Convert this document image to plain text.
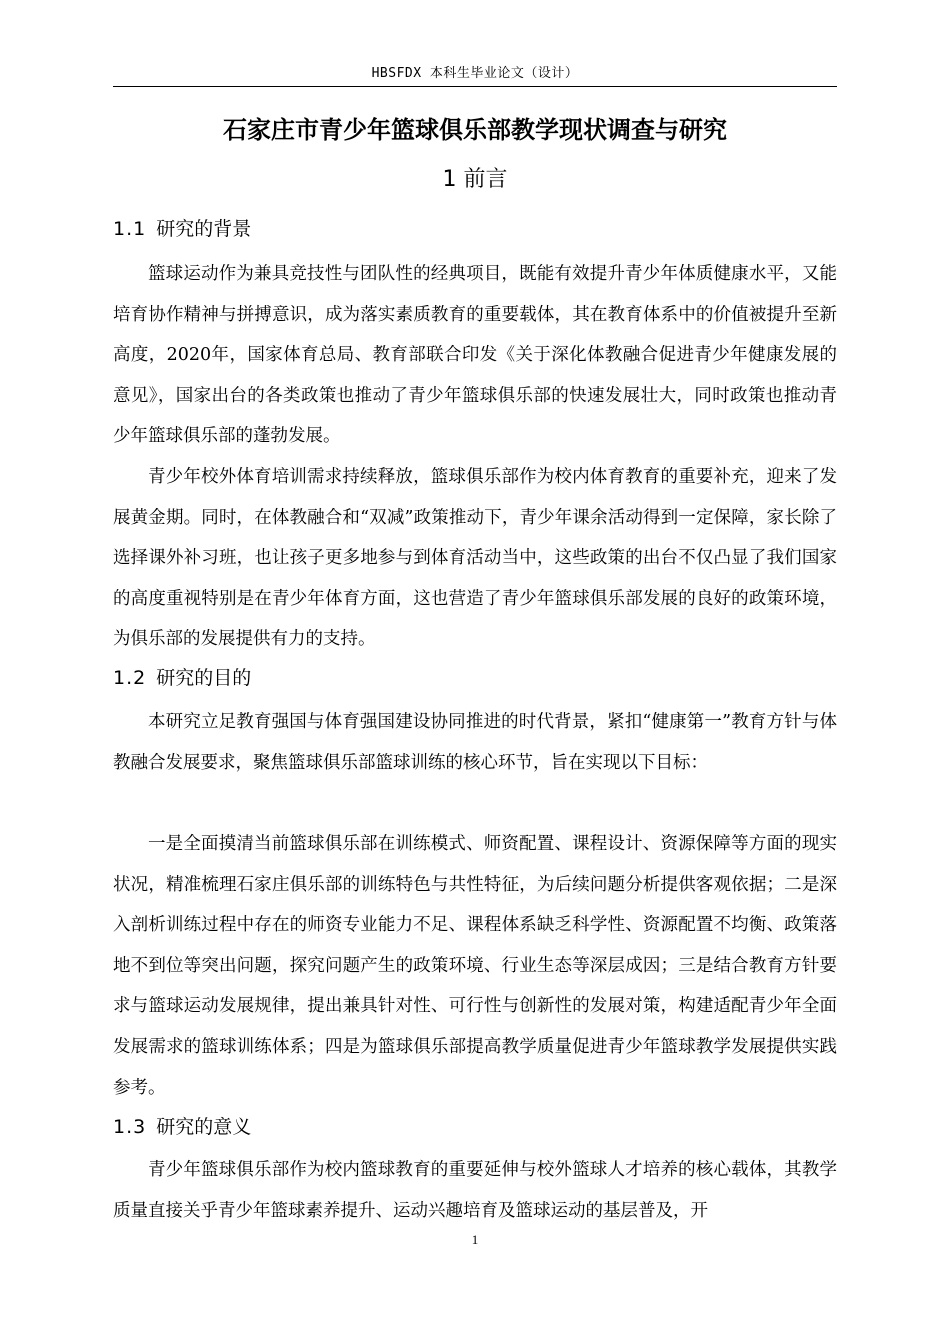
HBSFDX 本科生毕业论文（设计）
石家庄市青少年篮球俱乐部教学现状调查与研究
1 前言
1.1 研究的背景

篮球运动作为兼具竞技性与团队性的经典项目，既能有效提升青少年体质健康水平，又能培育协作精神与拼搏意识，成为落实素质教育的重要载体，其在教育体系中的价值被提升至新高度，2020年，国家体育总局、教育部联合印发《关于深化体教融合促进青少年健康发展的意见》，国家出台的各类政策也推动了青少年篮球俱乐部的快速发展壮大，同时政策也推动青少年篮球俱乐部的蓬勃发展。

青少年校外体育培训需求持续释放，篮球俱乐部作为校内体育教育的重要补充，迎来了发展黄金期。同时，在体教融合和“双减”政策推动下，青少年课余活动得到一定保障，家长除了选择课外补习班，也让孩子更多地参与到体育活动当中，这些政策的出台不仅凸显了我们国家的高度重视特别是在青少年体育方面，这也营造了青少年篮球俱乐部发展的良好的政策环境，为俱乐部的发展提供有力的支持。

1.2 研究的目的

本研究立足教育强国与体育强国建设协同推进的时代背景，紧扣“健康第一”教育方针与体教融合发展要求，聚焦篮球俱乐部篮球训练的核心环节，旨在实现以下目标：

一是全面摸清当前篮球俱乐部在训练模式、师资配置、课程设计、资源保障等方面的现实状况，精准梳理石家庄俱乐部的训练特色与共性特征，为后续问题分析提供客观依据；二是深入剖析训练过程中存在的师资专业能力不足、课程体系缺乏科学性、资源配置不均衡、政策落地不到位等突出问题，探究问题产生的政策环境、行业生态等深层成因；三是结合教育方针要求与篮球运动发展规律，提出兼具针对性、可行性与创新性的发展对策，构建适配青少年全面发展需求的篮球训练体系；四是为篮球俱乐部提高教学质量促进青少年篮球教学发展提供实践参考。

1.3 研究的意义

青少年篮球俱乐部作为校内篮球教育的重要延伸与校外篮球人才培养的核心载体，其教学质量直接关乎青少年篮球素养提升、运动兴趣培育及篮球运动的基层普及，开

1
